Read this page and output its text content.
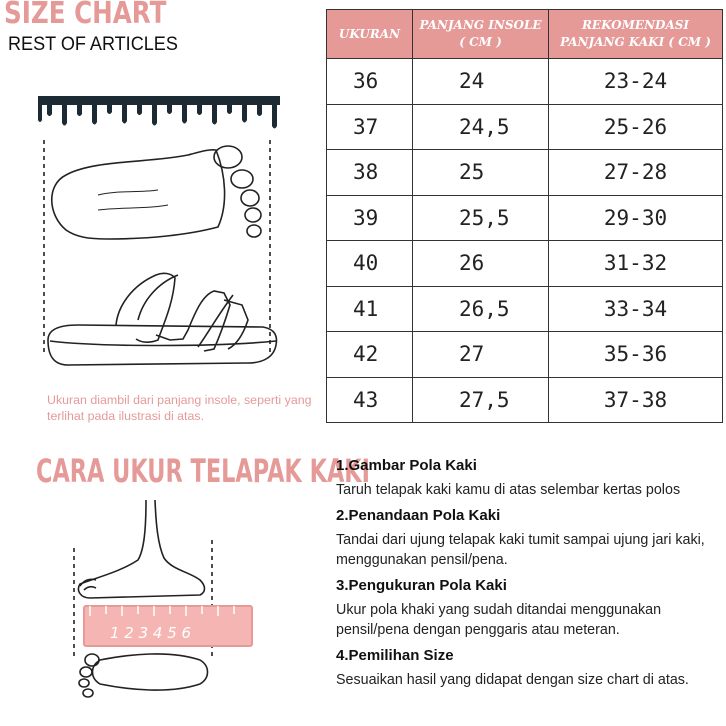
SIZE CHART
REST OF ARTICLES
Ukuran diambil dari panjang insole, seperti yang terlihat pada ilustrasi di atas.
UKURAN	PANJANG INSOLE ( CM )	REKOMENDASI PANJANG KAKI ( CM )
36	24	23-24
37	24,5	25-26
38	25	27-28
39	25,5	29-30
40	26	31-32
41	26,5	33-34
42	27	35-36
43	27,5	37-38
CARA UKUR TELAPAK KAKI
1 2 3 4 5 6
1.Gambar Pola Kaki
Taruh telapak kaki kamu di atas selembar kertas polos
2.Penandaan Pola Kaki
Tandai dari ujung telapak kaki tumit sampai ujung jari kaki, menggunakan pensil/pena.
3.Pengukuran Pola Kaki
Ukur pola khaki yang sudah ditandai menggunakan pensil/pena dengan penggaris atau meteran.
4.Pemilihan Size
Sesuaikan hasil yang didapat dengan size chart di atas.
